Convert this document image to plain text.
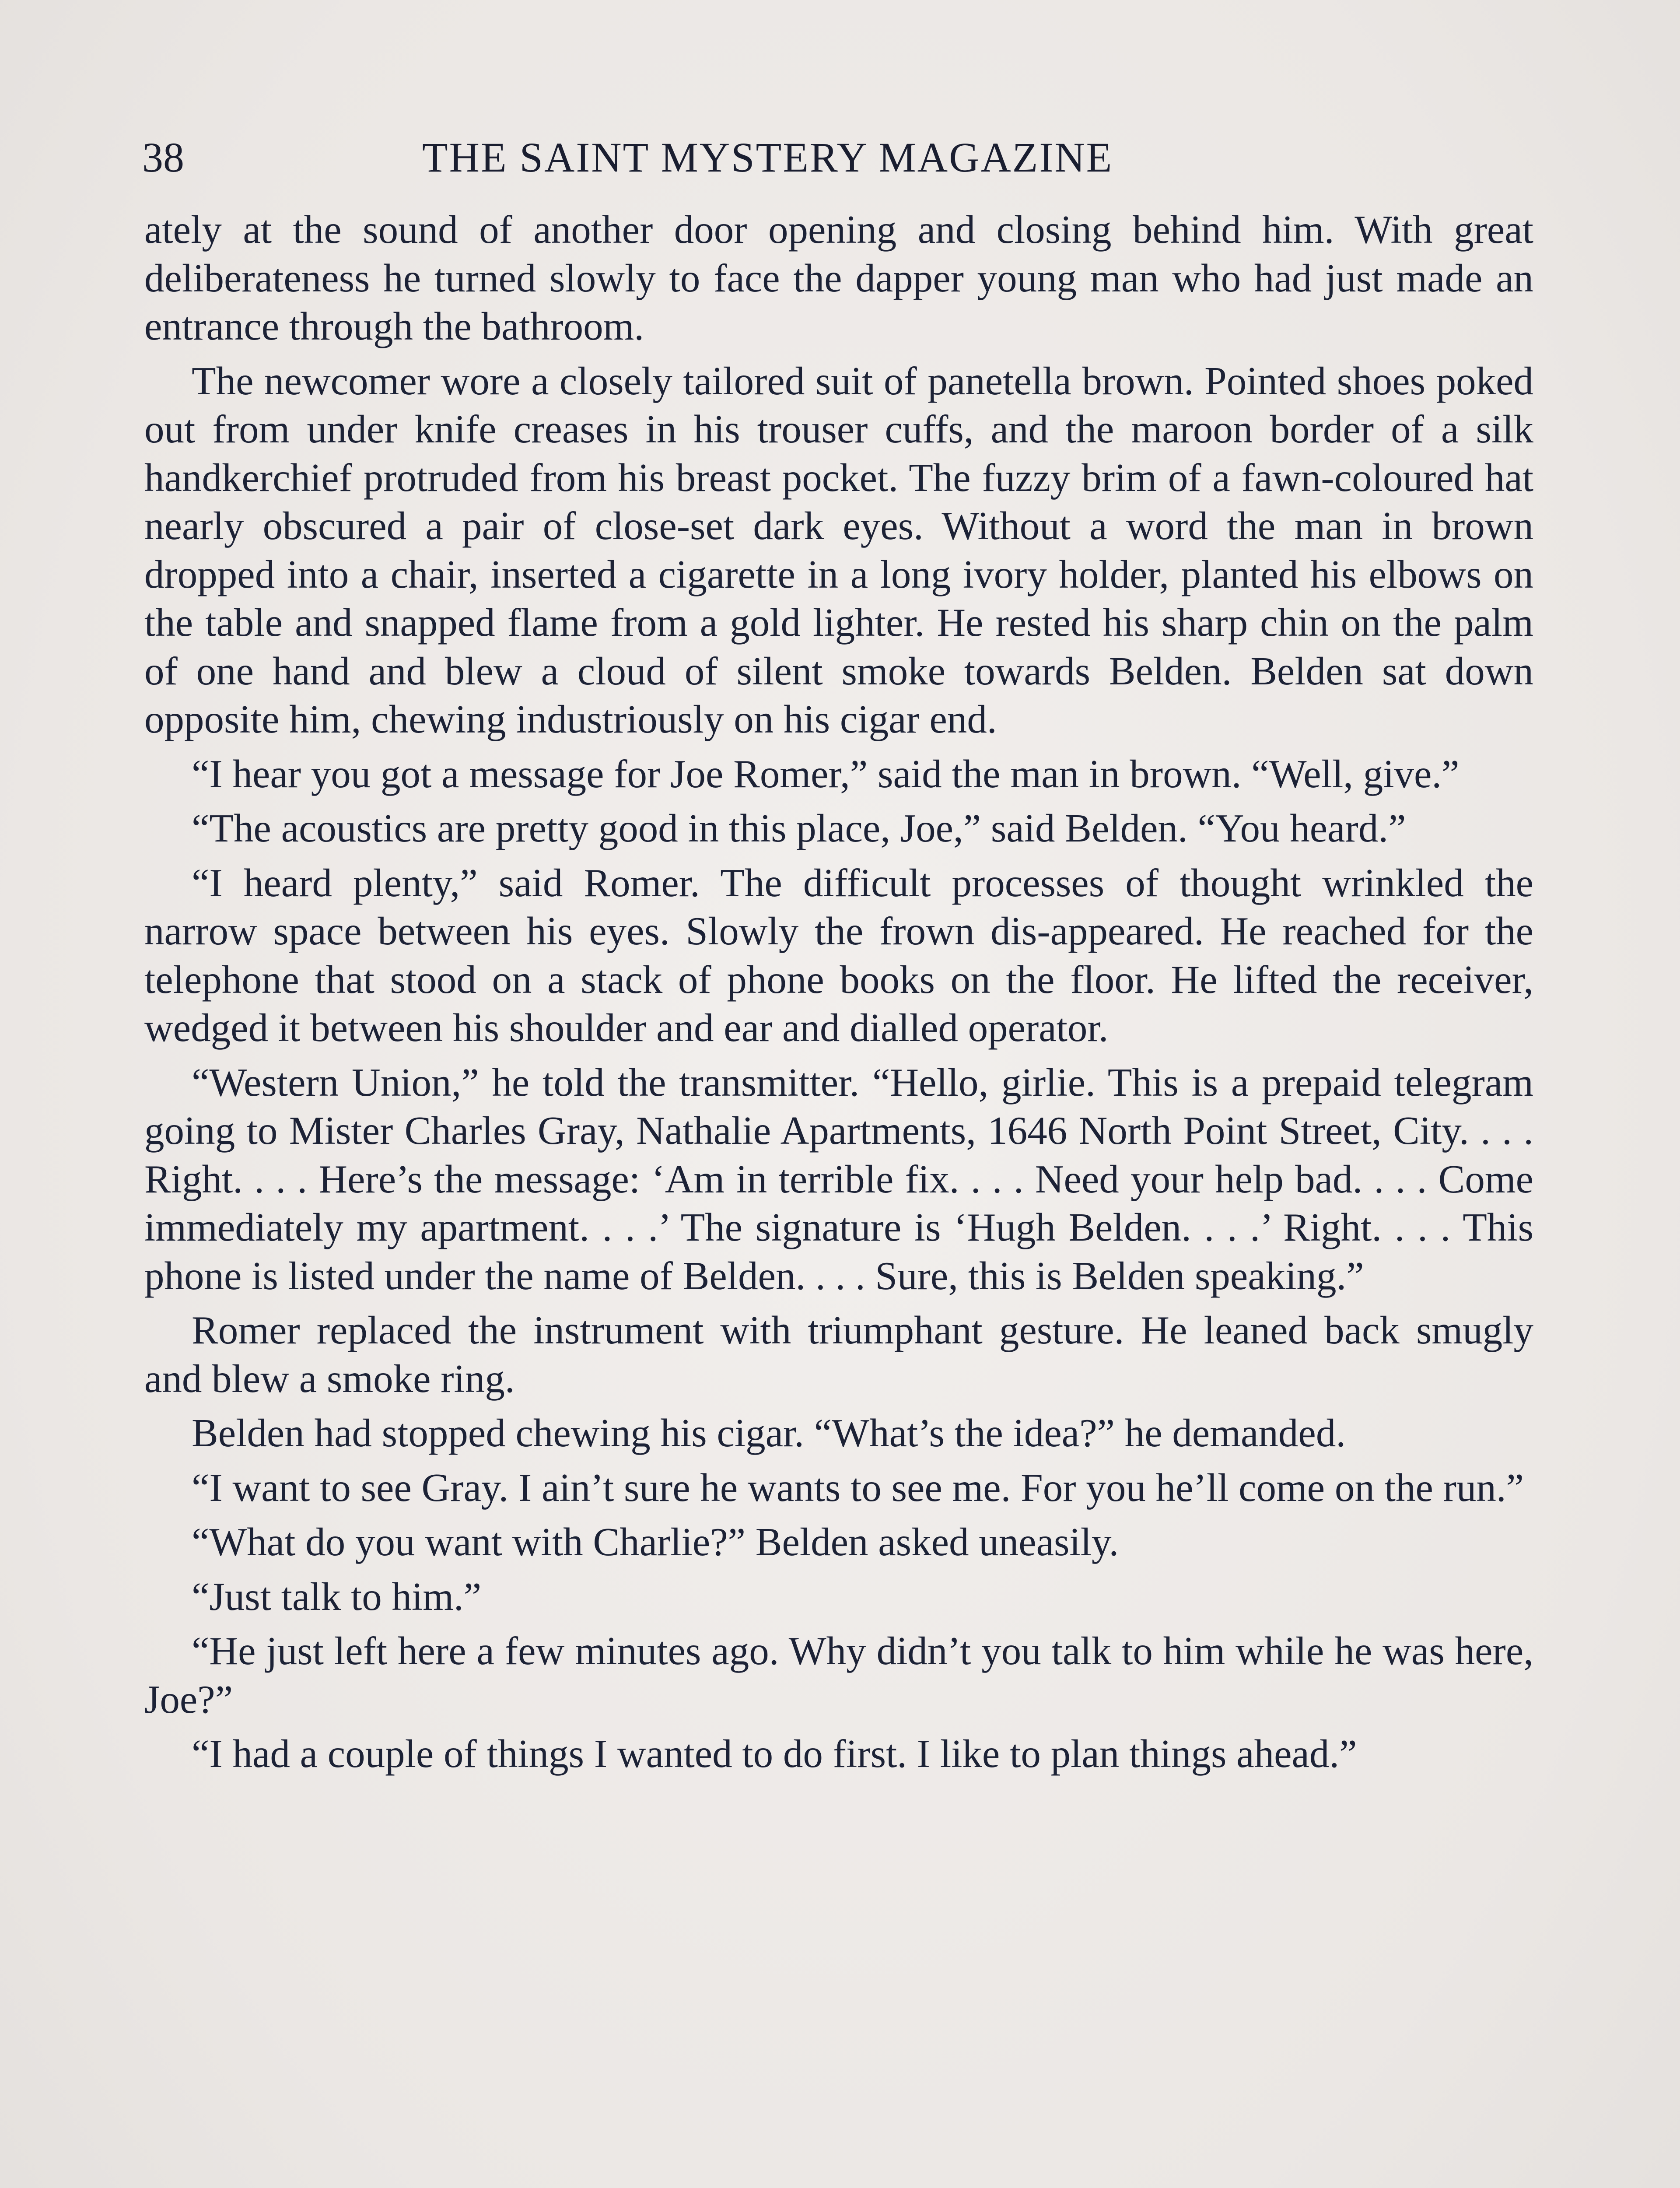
38	THE SAINT MYSTERY MAGAZINE

ately at the sound of another door opening and closing behind him. With great deliberateness he turned slowly to face the dapper young man who had just made an entrance through the bathroom.

The newcomer wore a closely tailored suit of panetella brown. Pointed shoes poked out from under knife creases in his trouser cuffs, and the maroon border of a silk handkerchief protruded from his breast pocket. The fuzzy brim of a fawn-coloured hat nearly obscured a pair of close-set dark eyes. Without a word the man in brown dropped into a chair, inserted a cigarette in a long ivory holder, planted his elbows on the table and snapped flame from a gold lighter. He rested his sharp chin on the palm of one hand and blew a cloud of silent smoke towards Belden. Belden sat down opposite him, chewing industriously on his cigar end.

“I hear you got a message for Joe Romer,” said the man in brown. “Well, give.”

“The acoustics are pretty good in this place, Joe,” said Belden. “You heard.”

“I heard plenty,” said Romer. The difficult processes of thought wrinkled the narrow space between his eyes. Slowly the frown dis-appeared. He reached for the telephone that stood on a stack of phone books on the floor. He lifted the receiver, wedged it between his shoulder and ear and dialled operator.

“Western Union,” he told the transmitter. “Hello, girlie. This is a prepaid telegram going to Mister Charles Gray, Nathalie Apartments, 1646 North Point Street, City. . . . Right. . . . Here’s the message: ‘Am in terrible fix. . . . Need your help bad. . . . Come immediately my apartment. . . .’ The signature is ‘Hugh Belden. . . .’ Right. . . . This phone is listed under the name of Belden. . . . Sure, this is Belden speaking.”

Romer replaced the instrument with triumphant gesture. He leaned back smugly and blew a smoke ring.

Belden had stopped chewing his cigar. “What’s the idea?” he demanded.

“I want to see Gray. I ain’t sure he wants to see me. For you he’ll come on the run.”

“What do you want with Charlie?” Belden asked uneasily.

“Just talk to him.”

“He just left here a few minutes ago. Why didn’t you talk to him while he was here, Joe?”

“I had a couple of things I wanted to do first. I like to plan things ahead.”
